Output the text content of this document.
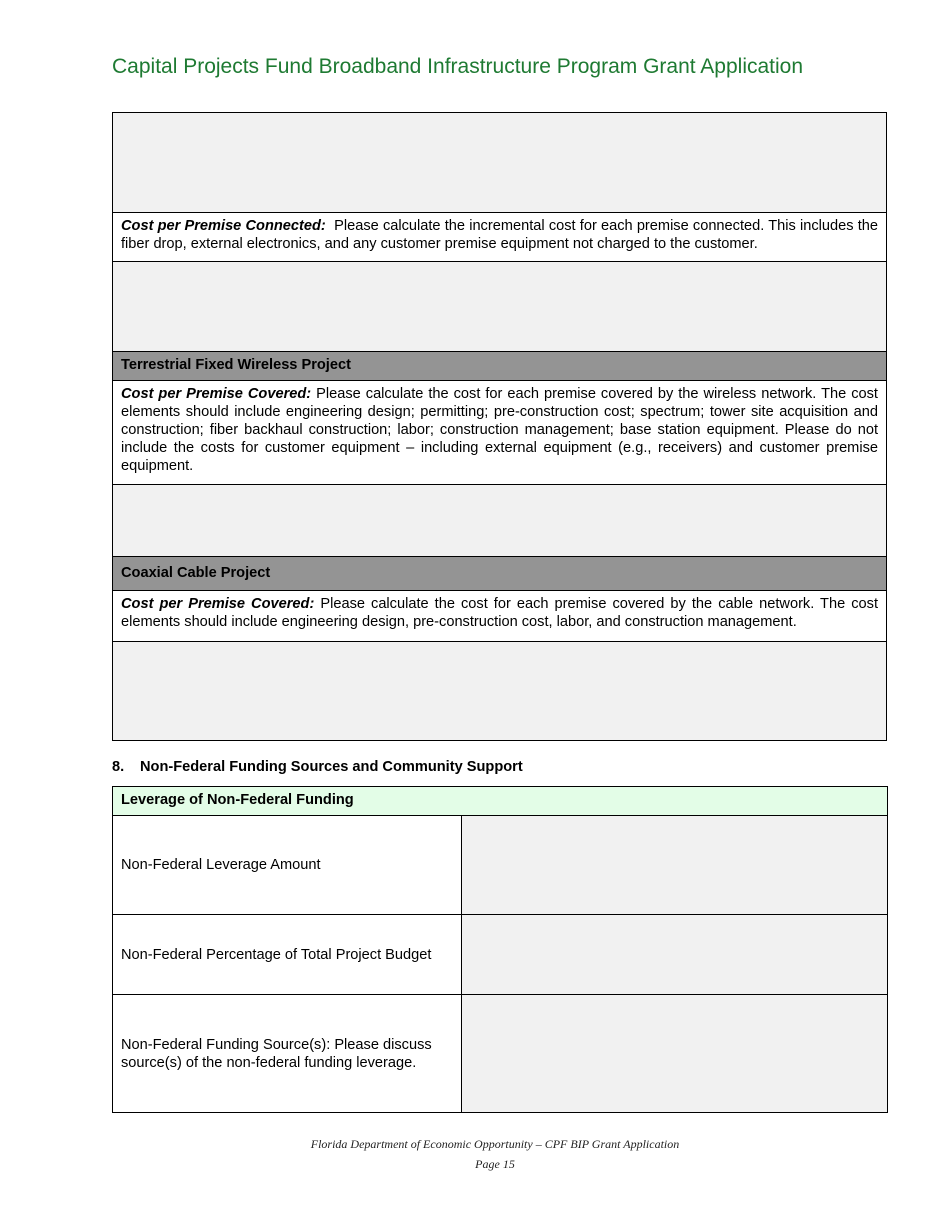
Capital Projects Fund Broadband Infrastructure Program Grant Application
Cost per Premise Connected: Please calculate the incremental cost for each premise connected. This includes the fiber drop, external electronics, and any customer premise equipment not charged to the customer.
Terrestrial Fixed Wireless Project
Cost per Premise Covered: Please calculate the cost for each premise covered by the wireless network. The cost elements should include engineering design; permitting; pre-construction cost; spectrum; tower site acquisition and construction; fiber backhaul construction; labor; construction management; base station equipment. Please do not include the costs for customer equipment – including external equipment (e.g., receivers) and customer premise equipment.
Coaxial Cable Project
Cost per Premise Covered: Please calculate the cost for each premise covered by the cable network. The cost elements should include engineering design, pre-construction cost, labor, and construction management.
8. Non-Federal Funding Sources and Community Support
Leverage of Non-Federal Funding
Non-Federal Leverage Amount
Non-Federal Percentage of Total Project Budget
Non-Federal Funding Source(s): Please discuss source(s) of the non-federal funding leverage.
Florida Department of Economic Opportunity – CPF BIP Grant Application
Page 15
